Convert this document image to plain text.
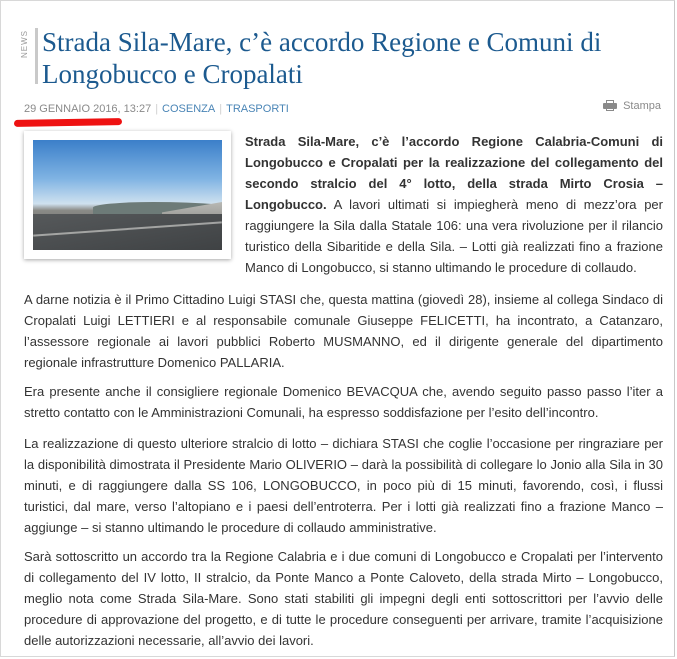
NEWS Strada Sila-Mare, c’è accordo Regione e Comuni di Longobucco e Cropalati
29 GENNAIO 2016, 13:27 | COSENZA | TRASPORTI	Stampa

Strada Sila-Mare, c’è l’accordo Regione Calabria-Comuni di Longobucco e Cropalati per la realizzazione del collegamento del secondo stralcio del 4° lotto, della strada Mirto Crosia – Longobucco. A lavori ultimati si impiegherà meno di mezz’ora per raggiungere la Sila dalla Statale 106: una vera rivoluzione per il rilancio turistico della Sibaritide e della Sila. – Lotti già realizzati fino a frazione Manco di Longobucco, si stanno ultimando le procedure di collaudo.

A darne notizia è il Primo Cittadino Luigi STASI che, questa mattina (giovedì 28), insieme al collega Sindaco di Cropalati Luigi LETTIERI e al responsabile comunale Giuseppe FELICETTI, ha incontrato, a Catanzaro, l’assessore regionale ai lavori pubblici Roberto MUSMANNO, ed il dirigente generale del dipartimento regionale infrastrutture Domenico PALLARIA.

Era presente anche il consigliere regionale Domenico BEVACQUA che, avendo seguito passo passo l’iter a stretto contatto con le Amministrazioni Comunali, ha espresso soddisfazione per l’esito dell’incontro.

La realizzazione di questo ulteriore stralcio di lotto – dichiara STASI che coglie l’occasione per ringraziare per la disponibilità dimostrata il Presidente Mario OLIVERIO – darà la possibilità di collegare lo Jonio alla Sila in 30 minuti, e di raggiungere dalla SS 106, LONGOBUCCO, in poco più di 15 minuti, favorendo, così, i flussi turistici, dal mare, verso l’altopiano e i paesi dell’entroterra. Per i lotti già realizzati fino a frazione Manco – aggiunge – si stanno ultimando le procedure di collaudo amministrative.

Sarà sottoscritto un accordo tra la Regione Calabria e i due comuni di Longobucco e Cropalati per l’intervento di collegamento del IV lotto, II stralcio, da Ponte Manco a Ponte Caloveto, della strada Mirto – Longobucco, meglio nota come Strada Sila-Mare. Sono stati stabiliti gli impegni degli enti sottoscrittori per l’avvio delle procedure di approvazione del progetto, e di tutte le procedure conseguenti per arrivare, tramite l’acquisizione delle autorizzazioni necessarie, all’avvio dei lavori.
